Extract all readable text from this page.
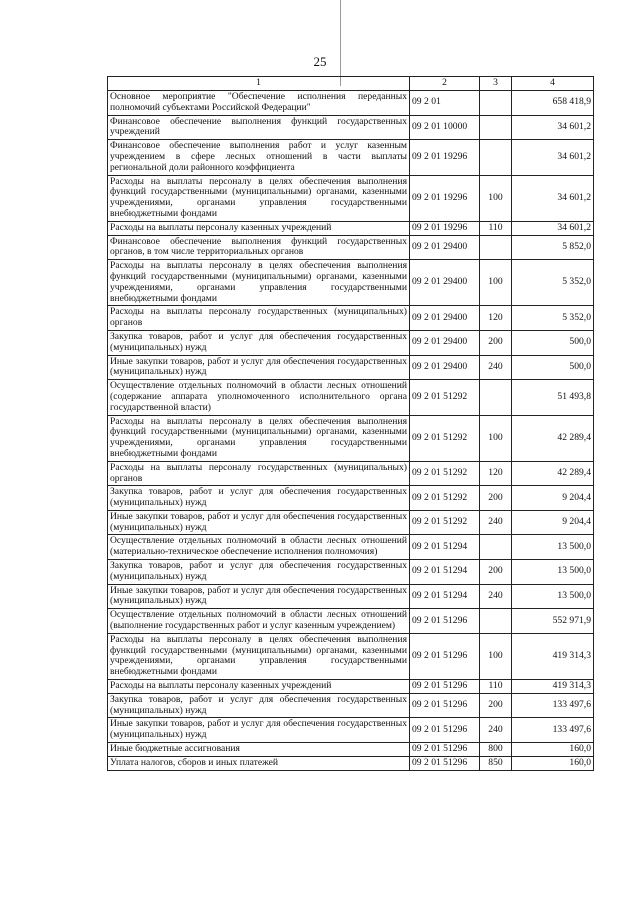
25
1	2	3	4
Основное мероприятие "Обеспечение исполнения переданных полномочий субъектами Российской Федерации"	09 2 01		658 418,9
Финансовое обеспечение выполнения функций государственных учреждений	09 2 01 10000		34 601,2
Финансовое обеспечение выполнения работ и услуг казенным учреждением в сфере лесных отношений в части выплаты региональной доли районного коэффициента	09 2 01 19296		34 601,2
Расходы на выплаты персоналу в целях обеспечения выполнения функций государственными (муниципальными) органами, казенными учреждениями, органами управления государственными внебюджетными фондами	09 2 01 19296	100	34 601,2
Расходы на выплаты персоналу казенных учреждений	09 2 01 19296	110	34 601,2
Финансовое обеспечение выполнения функций государственных органов, в том числе территориальных органов	09 2 01 29400		5 852,0
Расходы на выплаты персоналу в целях обеспечения выполнения функций государственными (муниципальными) органами, казенными учреждениями, органами управления государственными внебюджетными фондами	09 2 01 29400	100	5 352,0
Расходы на выплаты персоналу государственных (муниципальных) органов	09 2 01 29400	120	5 352,0
Закупка товаров, работ и услуг для обеспечения государственных (муниципальных) нужд	09 2 01 29400	200	500,0
Иные закупки товаров, работ и услуг для обеспечения государственных (муниципальных) нужд	09 2 01 29400	240	500,0
Осуществление отдельных полномочий в области лесных отношений (содержание аппарата уполномоченного исполнительного органа государственной власти)	09 2 01 51292		51 493,8
Расходы на выплаты персоналу в целях обеспечения выполнения функций государственными (муниципальными) органами, казенными учреждениями, органами управления государственными внебюджетными фондами	09 2 01 51292	100	42 289,4
Расходы на выплаты персоналу государственных (муниципальных) органов	09 2 01 51292	120	42 289,4
Закупка товаров, работ и услуг для обеспечения государственных (муниципальных) нужд	09 2 01 51292	200	9 204,4
Иные закупки товаров, работ и услуг для обеспечения государственных (муниципальных) нужд	09 2 01 51292	240	9 204,4
Осуществление отдельных полномочий в области лесных отношений (материально-техническое обеспечение исполнения полномочия)	09 2 01 51294		13 500,0
Закупка товаров, работ и услуг для обеспечения государственных (муниципальных) нужд	09 2 01 51294	200	13 500,0
Иные закупки товаров, работ и услуг для обеспечения государственных (муниципальных) нужд	09 2 01 51294	240	13 500,0
Осуществление отдельных полномочий в области лесных отношений (выполнение государственных работ и услуг казенным учреждением)	09 2 01 51296		552 971,9
Расходы на выплаты персоналу в целях обеспечения выполнения функций государственными (муниципальными) органами, казенными учреждениями, органами управления государственными внебюджетными фондами	09 2 01 51296	100	419 314,3
Расходы на выплаты персоналу казенных учреждений	09 2 01 51296	110	419 314,3
Закупка товаров, работ и услуг для обеспечения государственных (муниципальных) нужд	09 2 01 51296	200	133 497,6
Иные закупки товаров, работ и услуг для обеспечения государственных (муниципальных) нужд	09 2 01 51296	240	133 497,6
Иные бюджетные ассигнования	09 2 01 51296	800	160,0
Уплата налогов, сборов и иных платежей	09 2 01 51296	850	160,0
